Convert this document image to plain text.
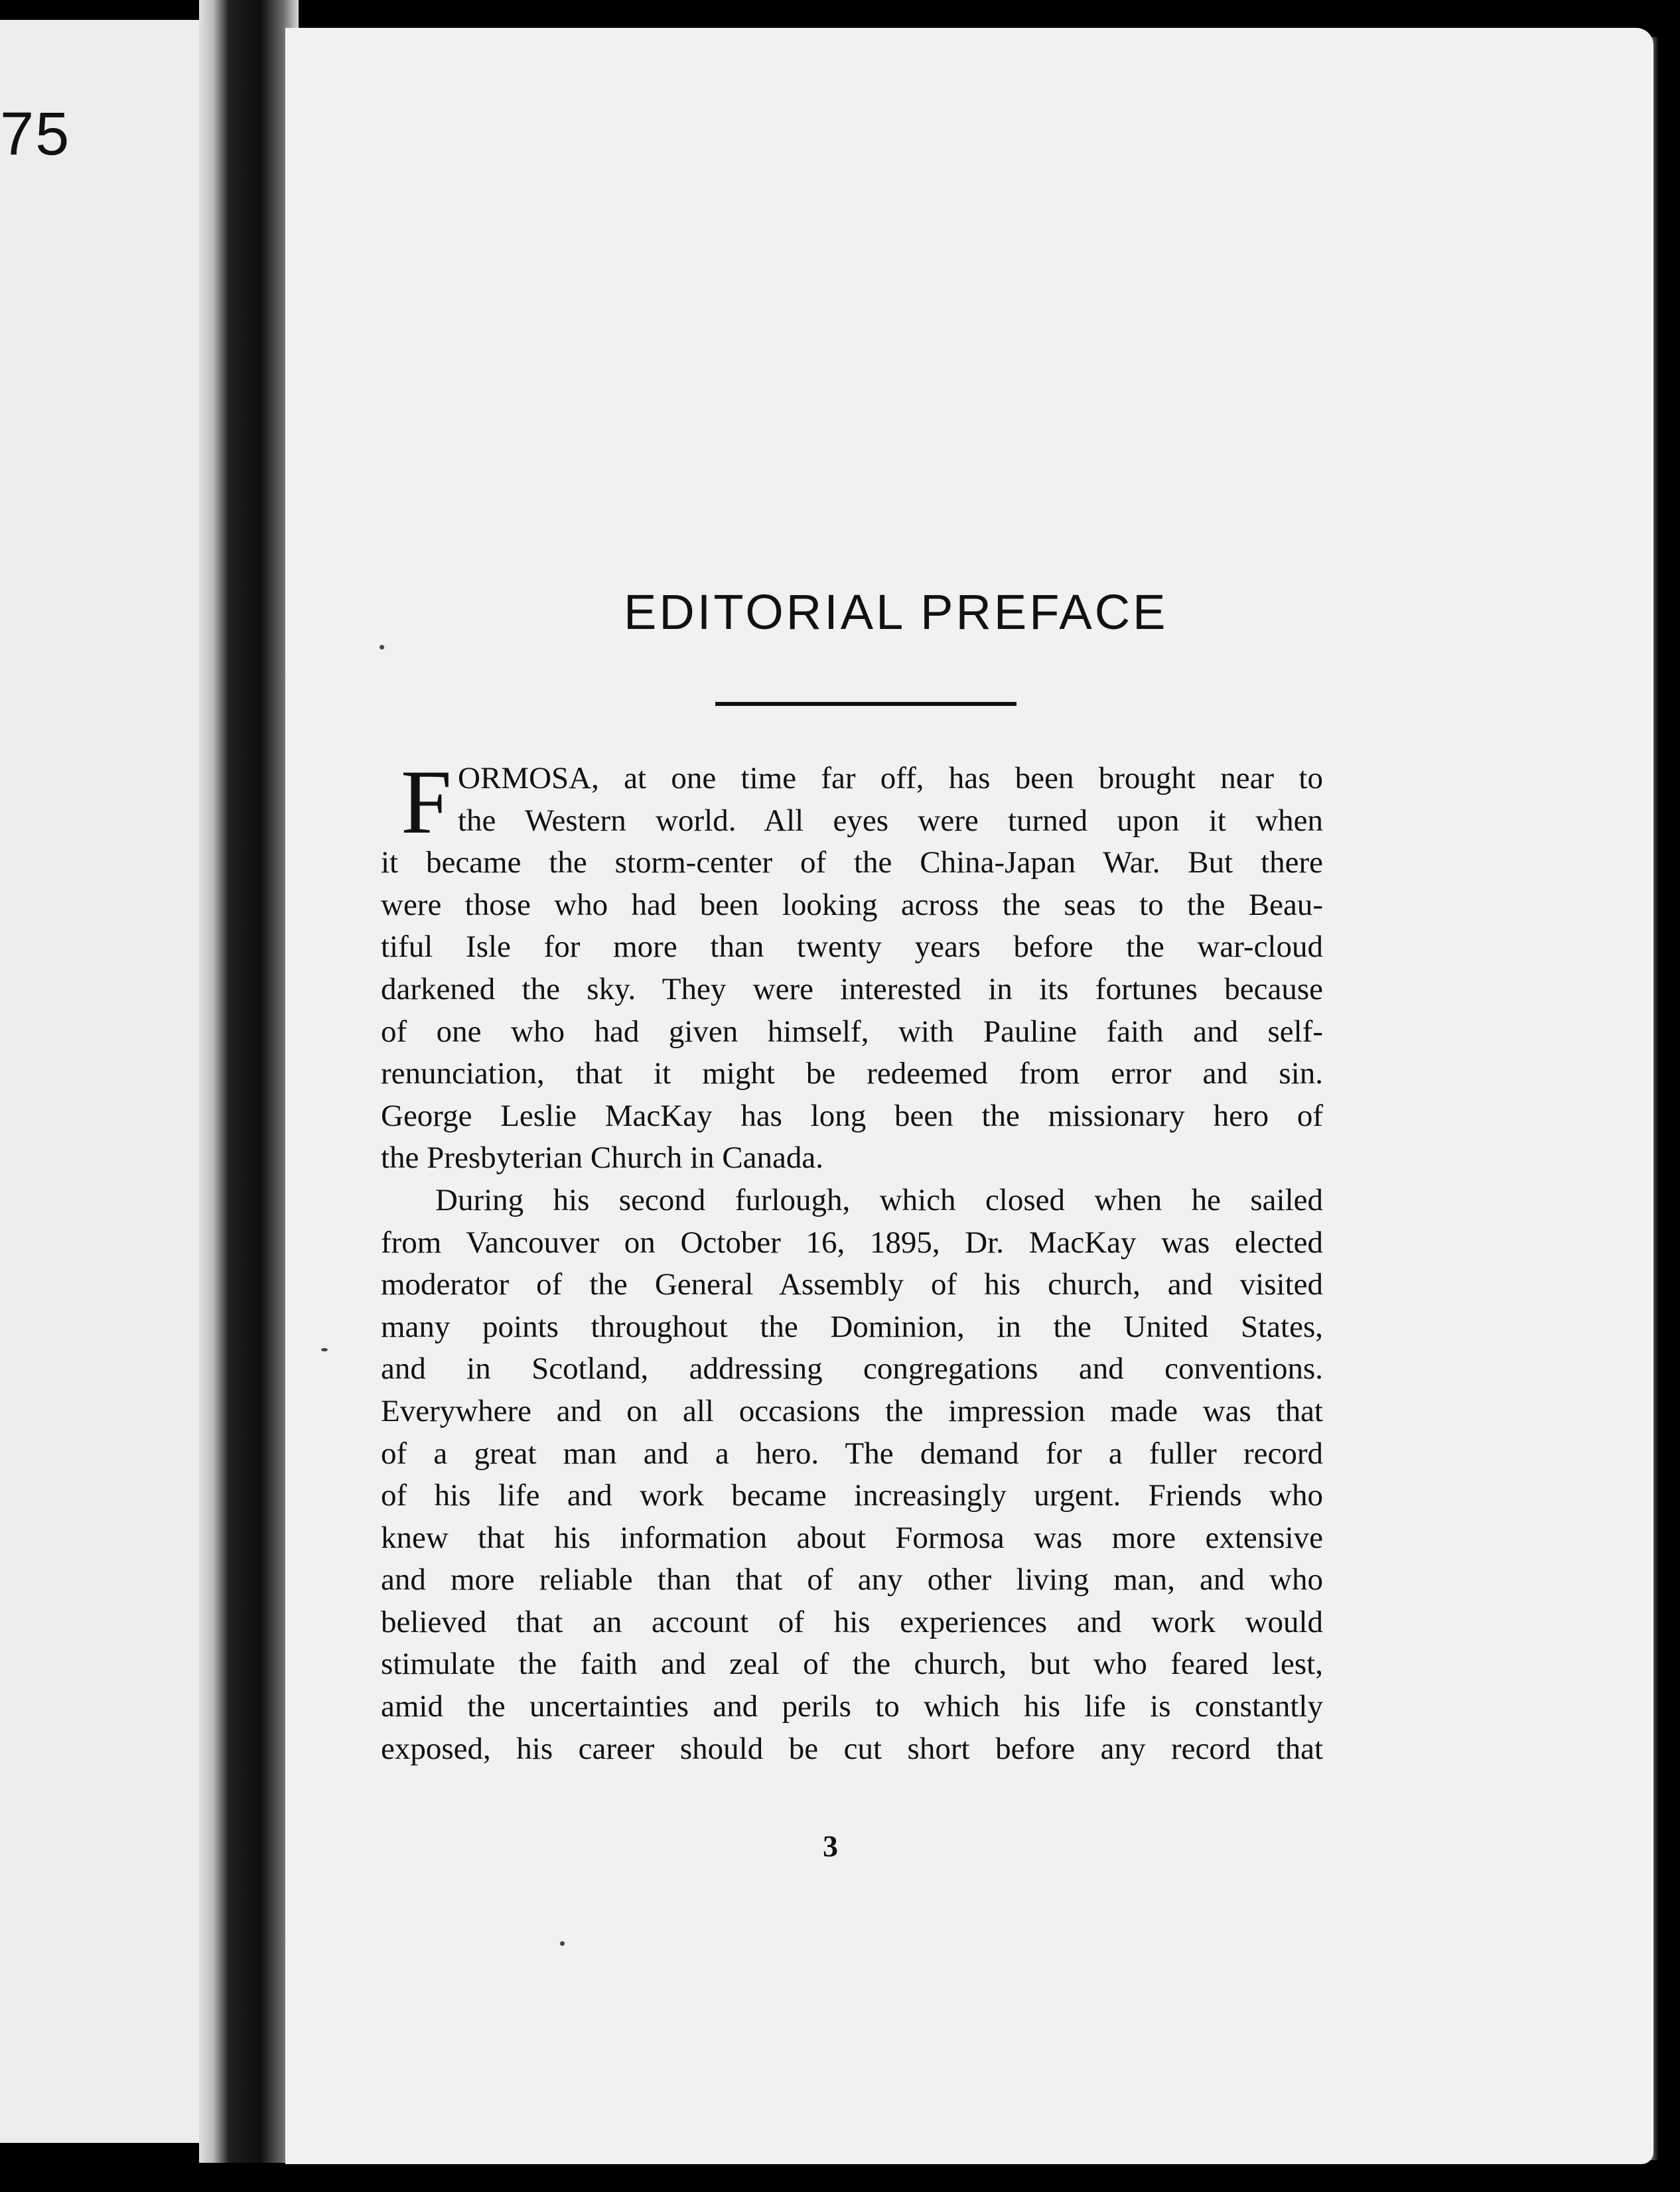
75
EDITORIAL PREFACE
F ORMOSA, at one time far off, has been brought near to
the Western world. All eyes were turned upon it when
it became the storm-center of the China-Japan War. But there
were those who had been looking across the seas to the Beau-
tiful Isle for more than twenty years before the war-cloud
darkened the sky. They were interested in its fortunes because
of one who had given himself, with Pauline faith and self-
renunciation, that it might be redeemed from error and sin.
George Leslie MacKay has long been the missionary hero of
the Presbyterian Church in Canada.
During his second furlough, which closed when he sailed
from Vancouver on October 16, 1895, Dr. MacKay was elected
moderator of the General Assembly of his church, and visited
many points throughout the Dominion, in the United States,
and in Scotland, addressing congregations and conventions.
Everywhere and on all occasions the impression made was that
of a great man and a hero. The demand for a fuller record
of his life and work became increasingly urgent. Friends who
knew that his information about Formosa was more extensive
and more reliable than that of any other living man, and who
believed that an account of his experiences and work would
stimulate the faith and zeal of the church, but who feared lest,
amid the uncertainties and perils to which his life is constantly
exposed, his career should be cut short before any record that
3
